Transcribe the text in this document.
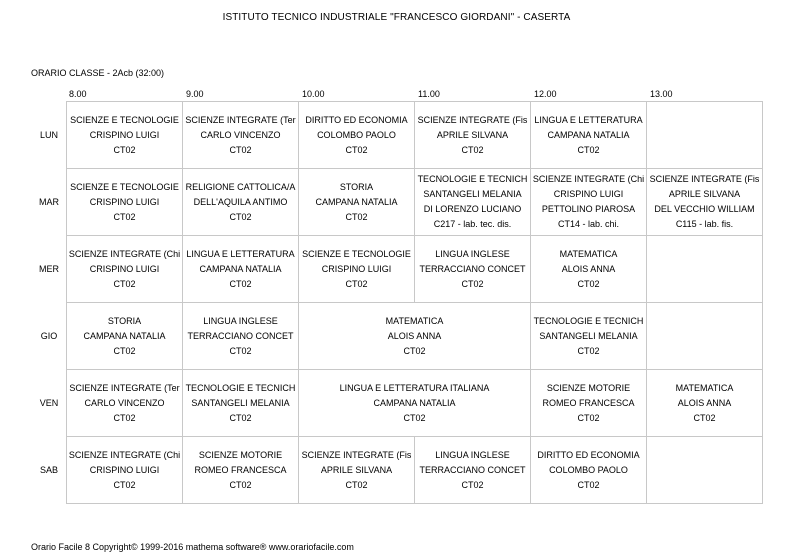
ISTITUTO TECNICO INDUSTRIALE "FRANCESCO GIORDANI" - CASERTA
ORARIO CLASSE - 2Acb (32:00)
8.00	9.00	10.00	11.00	12.00	13.00
LUN	SCIENZE E TECNOLOGIE
CRISPINO LUIGI
CT02	SCIENZE INTEGRATE (Ter
CARLO VINCENZO
CT02	DIRITTO ED ECONOMIA
COLOMBO PAOLO
CT02	SCIENZE INTEGRATE (Fis
APRILE SILVANA
CT02	LINGUA E LETTERATURA
CAMPANA NATALIA
CT02	

MAR	SCIENZE E TECNOLOGIE
CRISPINO LUIGI
CT02	RELIGIONE CATTOLICA/A
DELL'AQUILA ANTIMO
CT02	STORIA
CAMPANA NATALIA
CT02	TECNOLOGIE E TECNICH
SANTANGELI MELANIA
DI LORENZO LUCIANO
C217 - lab. tec. dis.	SCIENZE INTEGRATE (Chi
CRISPINO LUIGI
PETTOLINO PIAROSA
CT14 - lab. chi.	SCIENZE INTEGRATE (Fis
APRILE SILVANA
DEL VECCHIO WILLIAM
C115 - lab. fis.

MER	SCIENZE INTEGRATE (Chi
CRISPINO LUIGI
CT02	LINGUA E LETTERATURA
CAMPANA NATALIA
CT02	SCIENZE E TECNOLOGIE
CRISPINO LUIGI
CT02	LINGUA INGLESE
TERRACCIANO CONCET
CT02	MATEMATICA
ALOIS ANNA
CT02	

GIO	STORIA
CAMPANA NATALIA
CT02	LINGUA INGLESE
TERRACCIANO CONCET
CT02	MATEMATICA
ALOIS ANNA
CT02		TECNOLOGIE E TECNICH
SANTANGELI MELANIA
CT02	

VEN	SCIENZE INTEGRATE (Ter
CARLO VINCENZO
CT02	TECNOLOGIE E TECNICH
SANTANGELI MELANIA
CT02	LINGUA E LETTERATURA ITALIANA
CAMPANA NATALIA
CT02		SCIENZE MOTORIE
ROMEO FRANCESCA
CT02	MATEMATICA
ALOIS ANNA
CT02

SAB	SCIENZE INTEGRATE (Chi
CRISPINO LUIGI
CT02	SCIENZE MOTORIE
ROMEO FRANCESCA
CT02	SCIENZE INTEGRATE (Fis
APRILE SILVANA
CT02	LINGUA INGLESE
TERRACCIANO CONCET
CT02	DIRITTO ED ECONOMIA
COLOMBO PAOLO
CT02	

Orario Facile 8 Copyright© 1999-2016 mathema software® www.orariofacile.com
